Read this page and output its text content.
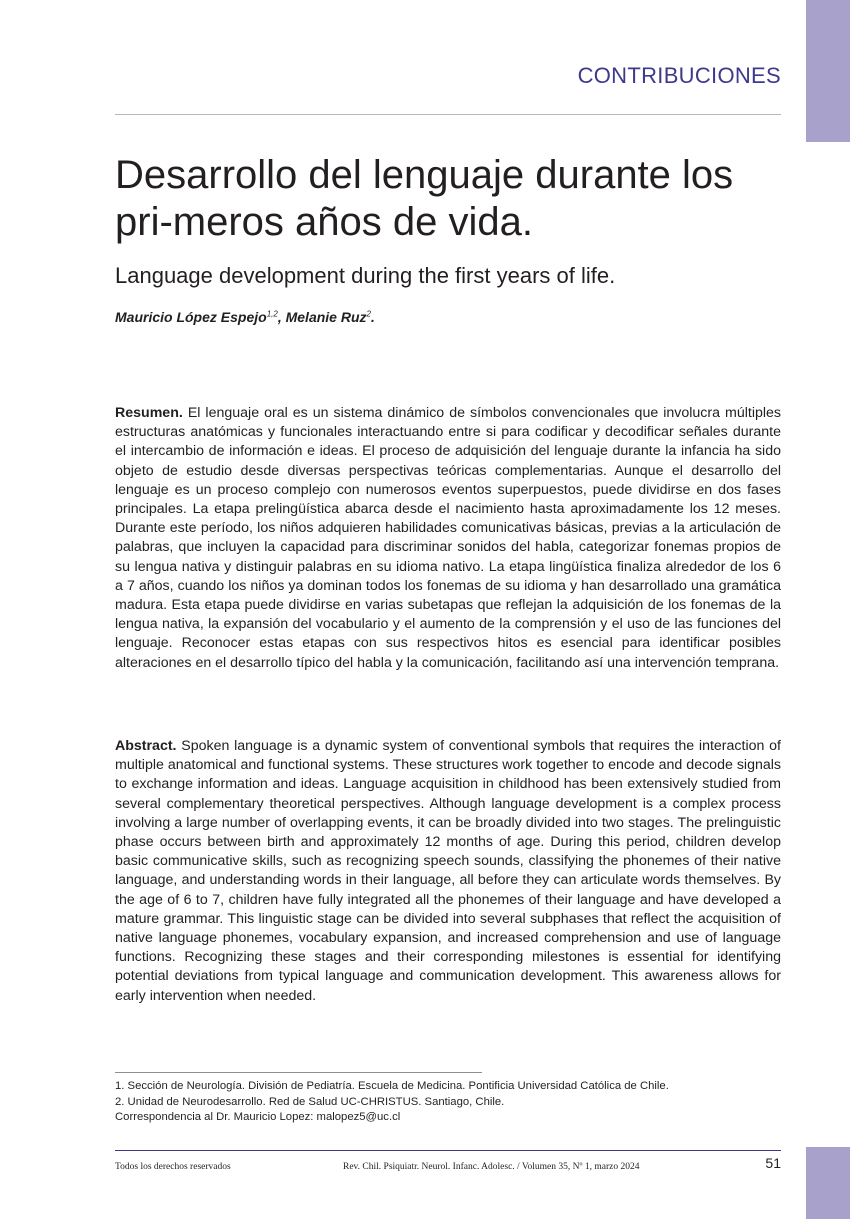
CONTRIBUCIONES
Desarrollo del lenguaje durante los pri-meros años de vida.
Language development during the first years of life.
Mauricio López Espejo$^{1,2}$, Melanie Ruz$^2$.

Resumen. El lenguaje oral es un sistema dinámico de símbolos convencionales que involucra múltiples estructuras anatómicas y funcionales interactuando entre si para codificar y decodificar señales durante el intercambio de información e ideas. El proceso de adquisición del lenguaje durante la infancia ha sido objeto de estudio desde diversas perspectivas teóricas complementarias. Aunque el desarrollo del lenguaje es un proceso complejo con numerosos eventos superpuestos, puede dividirse en dos fases principales. La etapa prelingüística abarca desde el nacimiento hasta aproximadamente los 12 meses. Durante este período, los niños adquieren habilidades comunicativas básicas, previas a la articulación de palabras, que incluyen la capacidad para discriminar sonidos del habla, categorizar fonemas propios de su lengua nativa y distinguir palabras en su idioma nativo. La etapa lingüística finaliza alrededor de los 6 a 7 años, cuando los niños ya dominan todos los fonemas de su idioma y han desarrollado una gramática madura. Esta etapa puede dividirse en varias subetapas que reflejan la adquisición de los fonemas de la lengua nativa, la expansión del vocabulario y el aumento de la comprensión y el uso de las funciones del lenguaje. Reconocer estas etapas con sus respectivos hitos es esencial para identificar posibles alteraciones en el desarrollo típico del habla y la comunicación, facilitando así una intervención temprana.

Abstract. Spoken language is a dynamic system of conventional symbols that requires the interaction of multiple anatomical and functional systems. These structures work together to encode and decode signals to exchange information and ideas. Language acquisition in childhood has been extensively studied from several complementary theoretical perspectives. Although language development is a complex process involving a large number of overlapping events, it can be broadly divided into two stages. The prelinguistic phase occurs between birth and approximately 12 months of age. During this period, children develop basic communicative skills, such as recognizing speech sounds, classifying the phonemes of their native language, and understanding words in their language, all before they can articulate words themselves. By the age of 6 to 7, children have fully integrated all the phonemes of their language and have developed a mature grammar. This linguistic stage can be divided into several subphases that reflect the acquisition of native language phonemes, vocabulary expansion, and increased comprehension and use of language functions. Recognizing these stages and their corresponding milestones is essential for identifying potential deviations from typical language and communication development. This awareness allows for early intervention when needed.

1. Sección de Neurología. División de Pediatría. Escuela de Medicina. Pontificia Universidad Católica de Chile.
2. Unidad de Neurodesarrollo. Red de Salud UC-CHRISTUS. Santiago, Chile.
Correspondencia al Dr. Mauricio Lopez: malopez5@uc.cl
Todos los derechos reservados	Rev. Chil. Psiquiatr. Neurol. Infanc. Adolesc. / Volumen 35, Nº 1, marzo 2024	51
